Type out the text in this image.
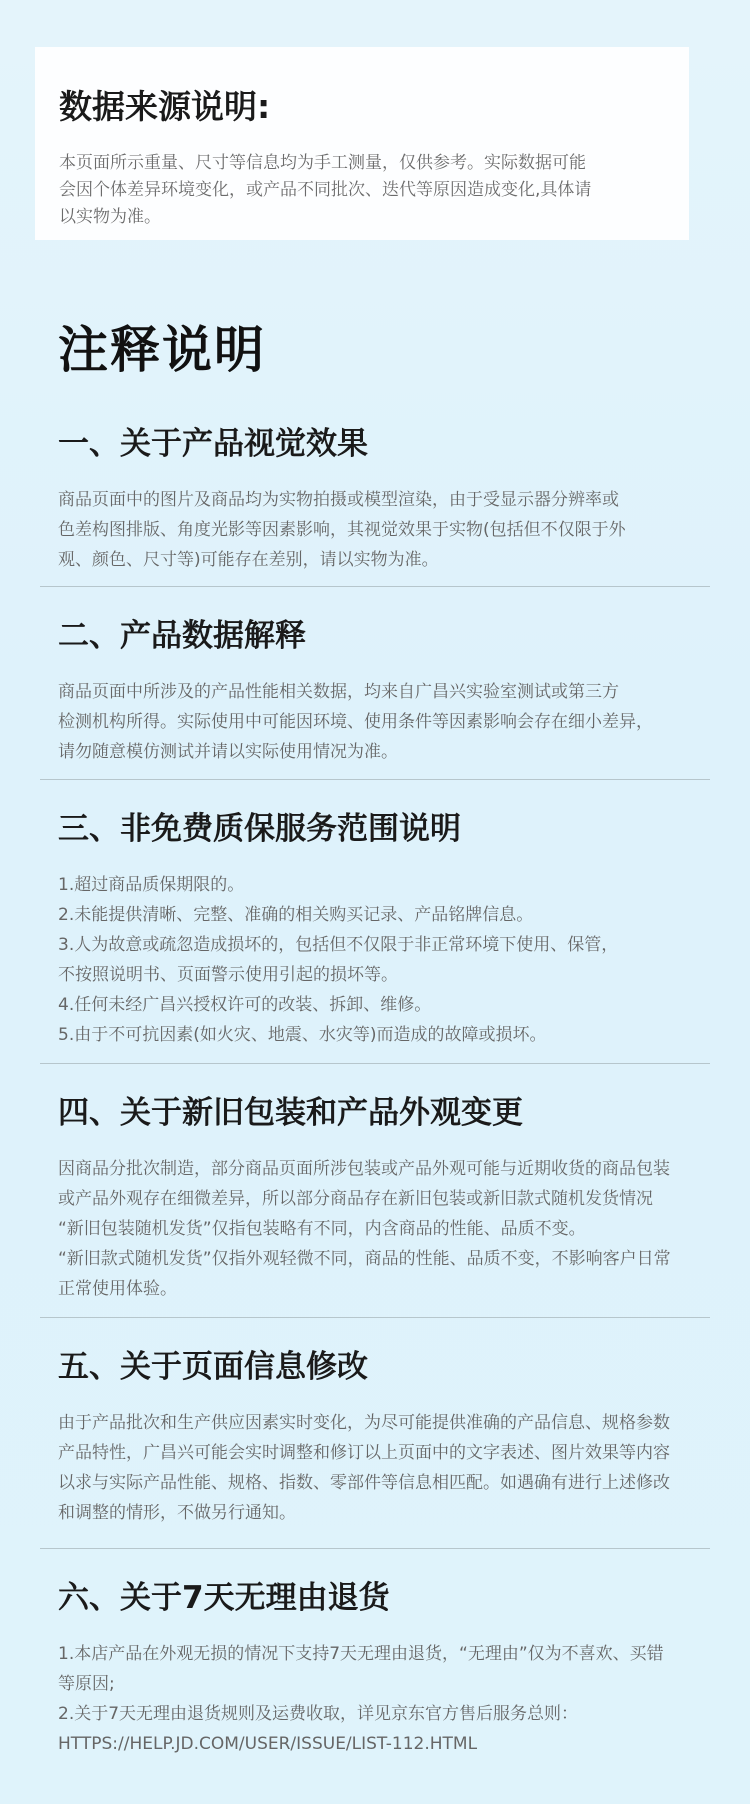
数据来源说明:

本页面所示重量、尺寸等信息均为手工测量，仅供参考。实际数据可能
会因个体差异环境变化，或产品不同批次、迭代等原因造成变化,具体请
以实物为准。

注释说明
一、关于产品视觉效果
商品页面中的图片及商品均为实物拍摄或模型渲染，由于受显示器分辨率或
色差构图排版、角度光影等因素影响，其视觉效果于实物(包括但不仅限于外
观、颜色、尺寸等)可能存在差别，请以实物为准。
二、产品数据解释
商品页面中所涉及的产品性能相关数据，均来自广昌兴实验室测试或第三方
检测机构所得。实际使用中可能因环境、使用条件等因素影响会存在细小差异，
请勿随意模仿测试并请以实际使用情况为准。
三、非免费质保服务范围说明
1.超过商品质保期限的。
2.未能提供清晰、完整、准确的相关购买记录、产品铭牌信息。
3.人为故意或疏忽造成损坏的，包括但不仅限于非正常环境下使用、保管，
不按照说明书、页面警示使用引起的损坏等。
4.任何未经广昌兴授权许可的改装、拆卸、维修。
5.由于不可抗因素(如火灾、地震、水灾等)而造成的故障或损坏。
四、关于新旧包装和产品外观变更
因商品分批次制造，部分商品页面所涉包装或产品外观可能与近期收货的商品包装
或产品外观存在细微差异，所以部分商品存在新旧包装或新旧款式随机发货情况
“新旧包装随机发货”仅指包装略有不同，内含商品的性能、品质不变。
“新旧款式随机发货”仅指外观轻微不同，商品的性能、品质不变，不影响客户日常
正常使用体验。
五、关于页面信息修改
由于产品批次和生产供应因素实时变化，为尽可能提供准确的产品信息、规格参数
产品特性，广昌兴可能会实时调整和修订以上页面中的文字表述、图片效果等内容
以求与实际产品性能、规格、指数、零部件等信息相匹配。如遇确有进行上述修改
和调整的情形，不做另行通知。
六、关于7天无理由退货
1.本店产品在外观无损的情况下支持7天无理由退货，“无理由”仅为不喜欢、买错
等原因;
2.关于7天无理由退货规则及运费收取，详见京东官方售后服务总则：
HTTPS://HELP.JD.COM/USER/ISSUE/LIST-112.HTML
